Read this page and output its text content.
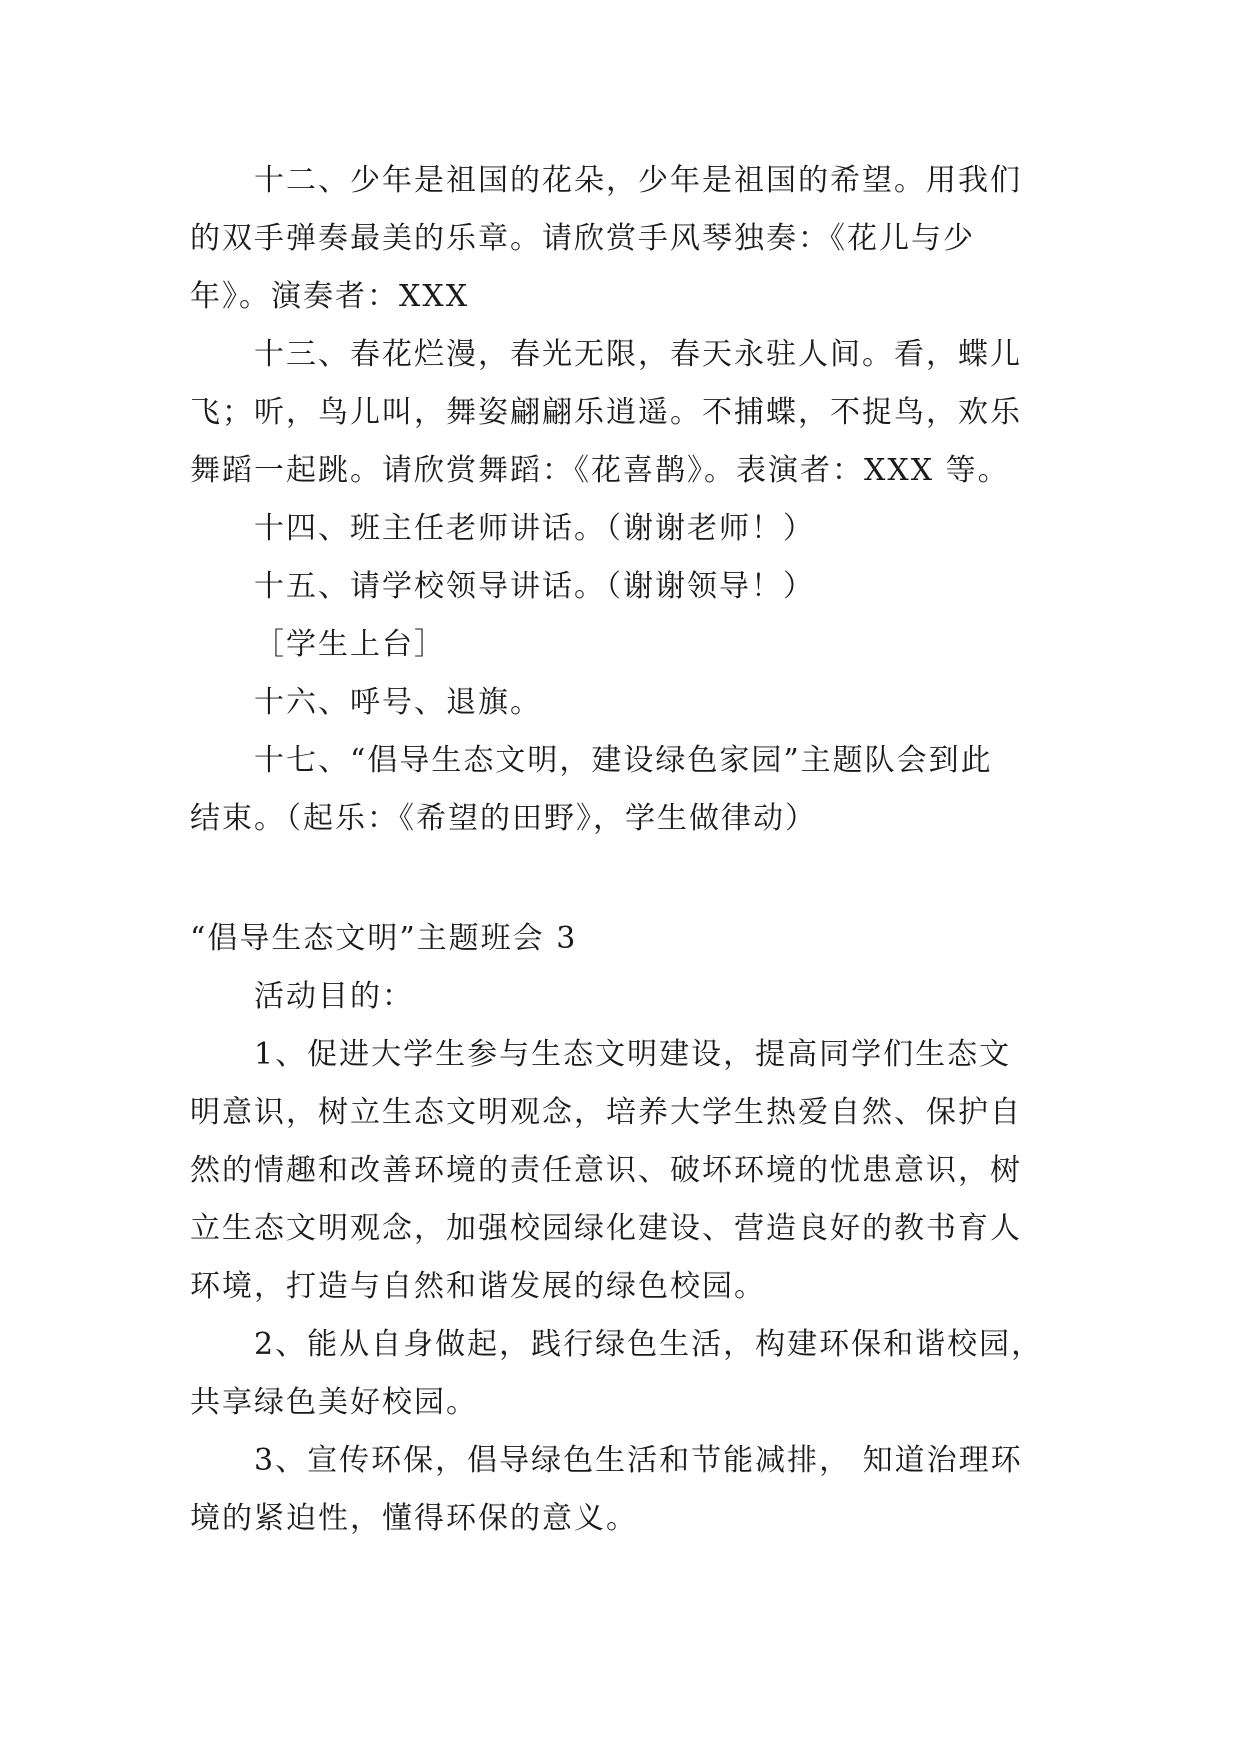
十二、少年是祖国的花朵，少年是祖国的希望。用我们
的双手弹奏最美的乐章。请欣赏手风琴独奏：《花儿与少
年》。演奏者：XXX
十三、春花烂漫，春光无限，春天永驻人间。看，蝶儿
飞；听，鸟儿叫，舞姿翩翩乐逍遥。不捕蝶，不捉鸟，欢乐
舞蹈一起跳。请欣赏舞蹈：《花喜鹊》。表演者：XXX 等。
十四、班主任老师讲话。（谢谢老师！）
十五、请学校领导讲话。（谢谢领导！）
［学生上台］
十六、呼号、退旗。
十七、“倡导生态文明，建设绿色家园”主题队会到此
结束。（起乐：《希望的田野》，学生做律动）
“倡导生态文明”主题班会 3
活动目的：
1、促进大学生参与生态文明建设，提高同学们生态文
明意识，树立生态文明观念，培养大学生热爱自然、保护自
然的情趣和改善环境的责任意识、破坏环境的忧患意识，树
立生态文明观念，加强校园绿化建设、营造良好的教书育人
环境，打造与自然和谐发展的绿色校园。
2、能从自身做起，践行绿色生活，构建环保和谐校园，
共享绿色美好校园。
3、宣传环保，倡导绿色生活和节能减排， 知道治理环
境的紧迫性，懂得环保的意义。
